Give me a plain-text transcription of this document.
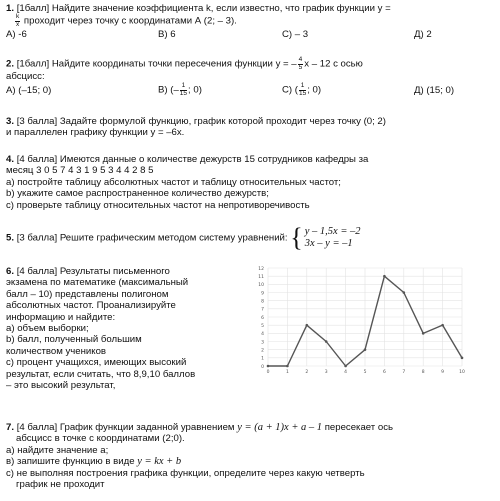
1. [1балл] Найдите значение коэффициента k, если известно, что график функции y =
$\frac{k}{x}$ проходит через точку с координатами А (2; – 3).
А) -6	В) 6	С) – 3	Д) 2
2. [1балл] Найдите координаты точки пересечения функции y = – $\frac{4}{5}$ x – 12 с осью
абсцисс:
А) (–15; 0)	В) (– $\frac{1}{15}$ ; 0)	С) ( $\frac{1}{15}$ ; 0)	Д) (15; 0)
3. [3 балла] Задайте формулой функцию, график которой проходит через точку (0; 2)
и параллелен графику функции y = –6x.
4. [4 балла] Имеются данные о количестве дежурств 15 сотрудников кафедры за
месяц 3 0 5 7 4 3 1 9 5 3 4 4 2 8 5
a) постройте таблицу абсолютных частот и таблицу относительных частот;
b) укажите самое распространенное количество дежурств;
c) проверьте таблицу относительных частот на непротиворечивость
5. [3 балла] Решите графическим методом систему уравнений: { y – 1,5x = –2
3x – y = –1
6. [4 балла] Результаты письменного
экзамена по математике (максимальный
балл – 10) представлены полигоном
абсолютных частот. Проанализируйте
информацию и найдите:
a) объем выборки;
b) балл, полученный большим
количеством учеников
c) процент учащихся, имеющих высокий
результат, если считать, что 8,9,10 баллов
– это высокий результат,
0
1
2
3
4
5
6
7
8
9
10
11
12
0	1	2	3	4	5	6	7	8	9	10
7. [4 балла] График функции заданной уравнением y = (a + 1)x + a – 1 пересекает ось
абсцисс в точке с координатами (2;0).
a) найдите значение a;
в) запишите функцию в виде y = kx + b
с) не выполняя построения графика функции, определите через какую четверть
график не проходит
